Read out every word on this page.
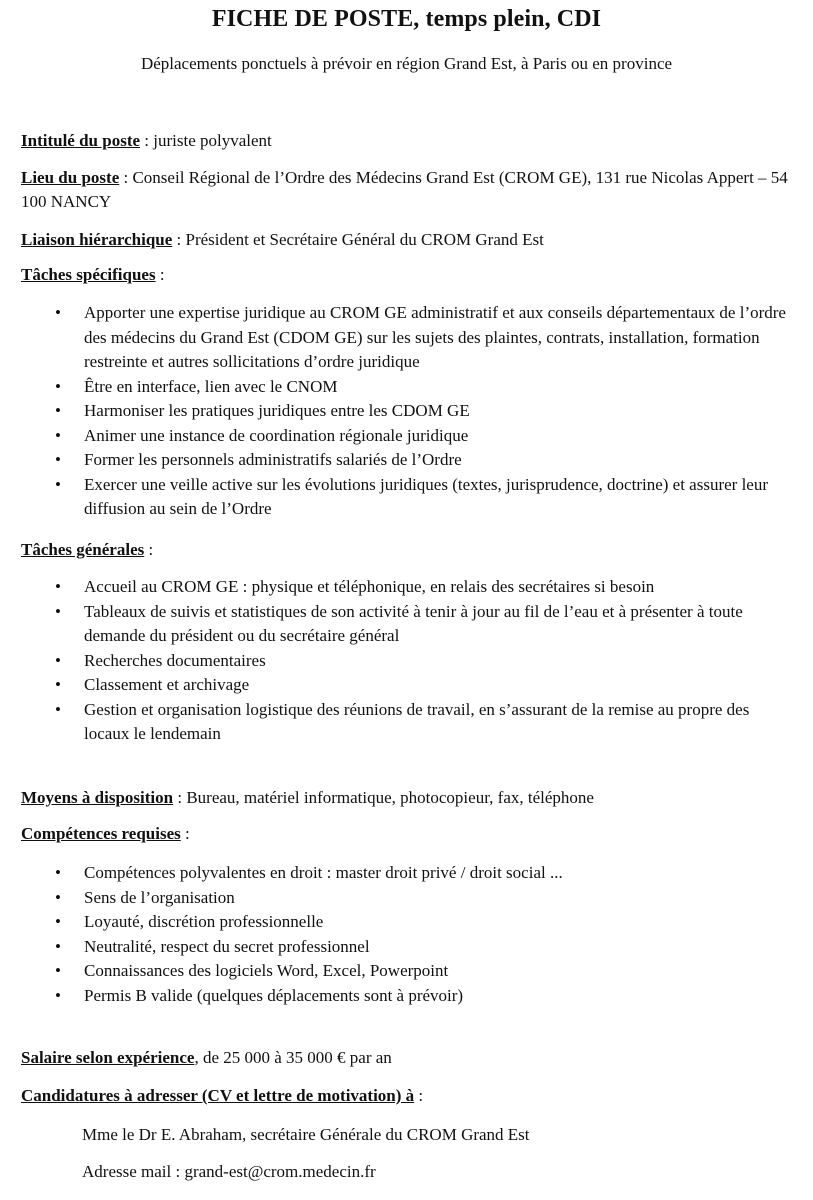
FICHE DE POSTE, temps plein, CDI
Déplacements ponctuels à prévoir en région Grand Est, à Paris ou en province
Intitulé du poste : juriste polyvalent
Lieu du poste : Conseil Régional de l’Ordre des Médecins Grand Est (CROM GE), 131 rue Nicolas Appert – 54 100 NANCY
Liaison hiérarchique : Président et Secrétaire Général du CROM Grand Est
Tâches spécifiques :
• Apporter une expertise juridique au CROM GE administratif et aux conseils départementaux de l’ordre des médecins du Grand Est (CDOM GE) sur les sujets des plaintes, contrats, installation, formation restreinte et autres sollicitations d’ordre juridique
• Être en interface, lien avec le CNOM
• Harmoniser les pratiques juridiques entre les CDOM GE
• Animer une instance de coordination régionale juridique
• Former les personnels administratifs salariés de l’Ordre
• Exercer une veille active sur les évolutions juridiques (textes, jurisprudence, doctrine) et assurer leur diffusion au sein de l’Ordre
Tâches générales :
• Accueil au CROM GE : physique et téléphonique, en relais des secrétaires si besoin
• Tableaux de suivis et statistiques de son activité à tenir à jour au fil de l’eau et à présenter à toute demande du président ou du secrétaire général
• Recherches documentaires
• Classement et archivage
• Gestion et organisation logistique des réunions de travail, en s’assurant de la remise au propre des locaux le lendemain
Moyens à disposition : Bureau, matériel informatique, photocopieur, fax, téléphone
Compétences requises :
• Compétences polyvalentes en droit : master droit privé / droit social ...
• Sens de l’organisation
• Loyauté, discrétion professionnelle
• Neutralité, respect du secret professionnel
• Connaissances des logiciels Word, Excel, Powerpoint
• Permis B valide (quelques déplacements sont à prévoir)
Salaire selon expérience, de 25 000 à 35 000 € par an
Candidatures à adresser (CV et lettre de motivation) à :
Mme le Dr E. Abraham, secrétaire Générale du CROM Grand Est
Adresse mail : grand-est@crom.medecin.fr
